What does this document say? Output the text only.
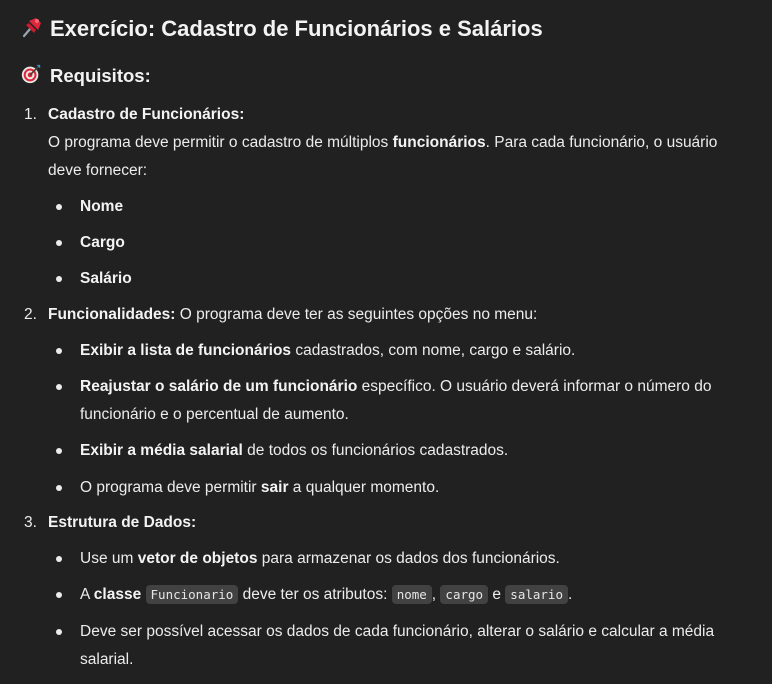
Exercício: Cadastro de Funcionários e Salários
Requisitos:
1. Cadastro de Funcionários:
O programa deve permitir o cadastro de múltiplos funcionários. Para cada funcionário, o usuário
deve fornecer:
Nome
Cargo
Salário
2. Funcionalidades: O programa deve ter as seguintes opções no menu:
Exibir a lista de funcionários cadastrados, com nome, cargo e salário.
Reajustar o salário de um funcionário específico. O usuário deverá informar o número do
funcionário e o percentual de aumento.
Exibir a média salarial de todos os funcionários cadastrados.
O programa deve permitir sair a qualquer momento.
3. Estrutura de Dados:
Use um vetor de objetos para armazenar os dados dos funcionários.
A classe Funcionario deve ter os atributos: nome , cargo e salario .
Deve ser possível acessar os dados de cada funcionário, alterar o salário e calcular a média
salarial.
